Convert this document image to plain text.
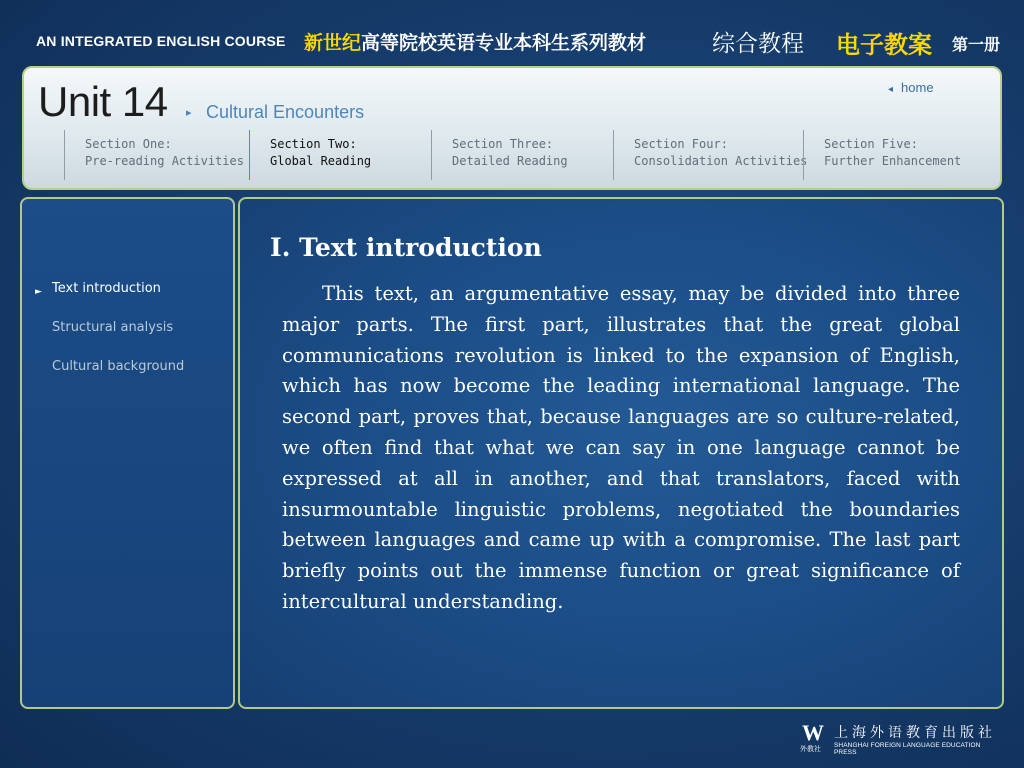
AN INTEGRATED ENGLISH COURSE 新世纪高等院校英语专业本科生系列教材	综合教程 电子教案 第一册
Unit 14 ▸ Cultural Encounters
◂ home
Section One:
Pre-reading Activities
Section Two:
Global Reading
Section Three:
Detailed Reading
Section Four:
Consolidation Activities
Section Five:
Further Enhancement
► Text introduction
Structural analysis
Cultural background
I. Text introduction

This text, an argumentative essay, may be divided into three major parts. The first part, illustrates that the great global communications revolution is linked to the expansion of English, which has now become the leading international language. The second part, proves that, because languages are so culture-related, we often find that what we can say in one language cannot be expressed at all in another, and that translators, faced with insurmountable linguistic problems, negotiated the boundaries between languages and came up with a compromise. The last part briefly points out the immense function or great significance of intercultural understanding.

W
外教社
上海外语教育出版社
SHANGHAI FOREIGN LANGUAGE EDUCATION PRESS
